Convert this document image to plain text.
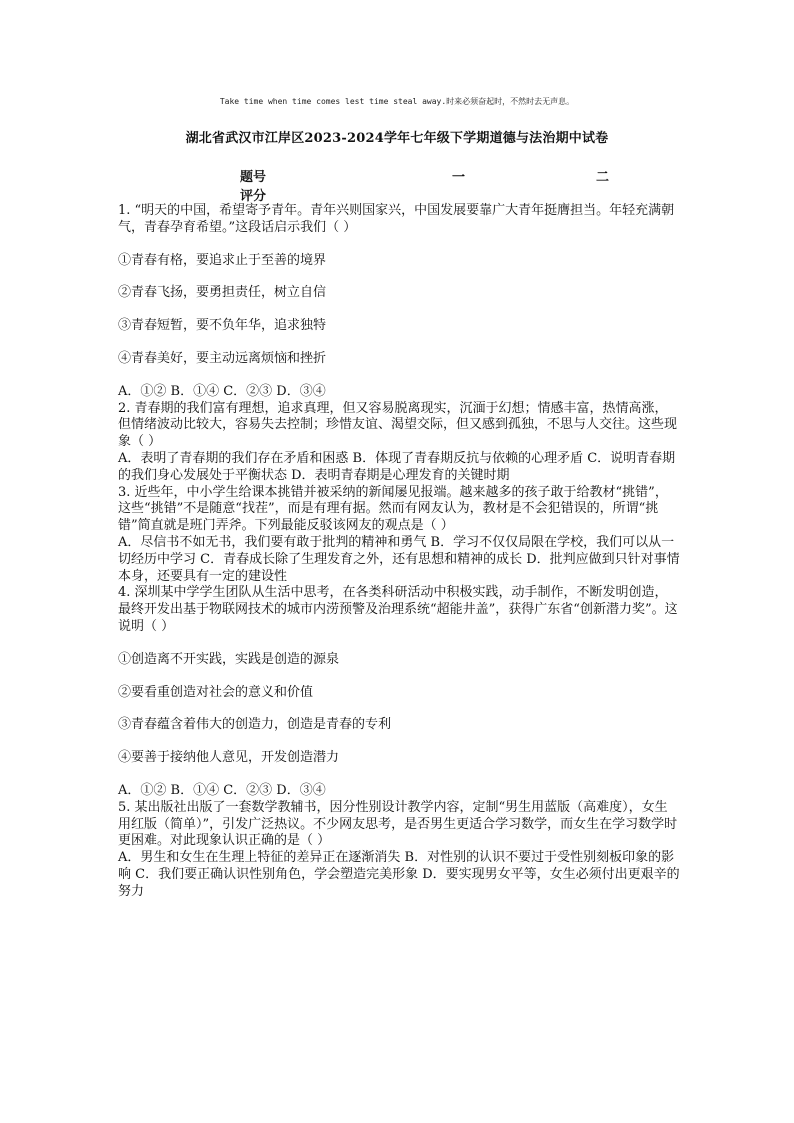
Take time when time comes lest time steal away.时来必须奋起时，不然时去无声息。
湖北省武汉市江岸区2023-2024学年七年级下学期道德与法治期中试卷
题号	一	二
评分

1. “明天的中国，希望寄予青年。青年兴则国家兴，中国发展要靠广大青年挺膺担当。年轻充满朝气，青春孕育希望。”这段话启示我们（ ）

①青春有格，要追求止于至善的境界

②青春飞扬，要勇担责任，树立自信

③青春短暂，要不负年华，追求独特

④青春美好，要主动远离烦恼和挫折

A．①② B．①④ C．②③ D．③④

2. 青春期的我们富有理想，追求真理，但又容易脱离现实，沉湎于幻想；情感丰富，热情高涨，但情绪波动比较大，容易失去控制；珍惜友谊、渴望交际，但又感到孤独，不思与人交往。这些现象（ ）

A．表明了青春期的我们存在矛盾和困惑 B．体现了青春期反抗与依赖的心理矛盾 C．说明青春期的我们身心发展处于平衡状态 D．表明青春期是心理发育的关键时期

3. 近些年，中小学生给课本挑错并被采纳的新闻屡见报端。越来越多的孩子敢于给教材“挑错”，这些“挑错”不是随意“找茬”，而是有理有据。然而有网友认为，教材是不会犯错误的，所谓“挑错”简直就是班门弄斧。下列最能反驳该网友的观点是（ ）

A．尽信书不如无书，我们要有敢于批判的精神和勇气 B．学习不仅仅局限在学校，我们可以从一切经历中学习 C．青春成长除了生理发育之外，还有思想和精神的成长 D．批判应做到只针对事情本身，还要具有一定的建设性

4. 深圳某中学学生团队从生活中思考，在各类科研活动中积极实践，动手制作，不断发明创造，最终开发出基于物联网技术的城市内涝预警及治理系统“超能井盖”，获得广东省“创新潜力奖”。这说明（ ）

①创造离不开实践，实践是创造的源泉

②要看重创造对社会的意义和价值

③青春蕴含着伟大的创造力，创造是青春的专利

④要善于接纳他人意见，开发创造潜力

A．①② B．①④ C．②③ D．③④

5. 某出版社出版了一套数学教辅书，因分性别设计教学内容，定制“男生用蓝版（高难度），女生用红版（简单）”，引发广泛热议。不少网友思考，是否男生更适合学习数学，而女生在学习数学时更困难。对此现象认识正确的是（ ）

A．男生和女生在生理上特征的差异正在逐渐消失 B．对性别的认识不要过于受性别刻板印象的影响 C．我们要正确认识性别角色，学会塑造完美形象 D．要实现男女平等，女生必须付出更艰辛的努力
